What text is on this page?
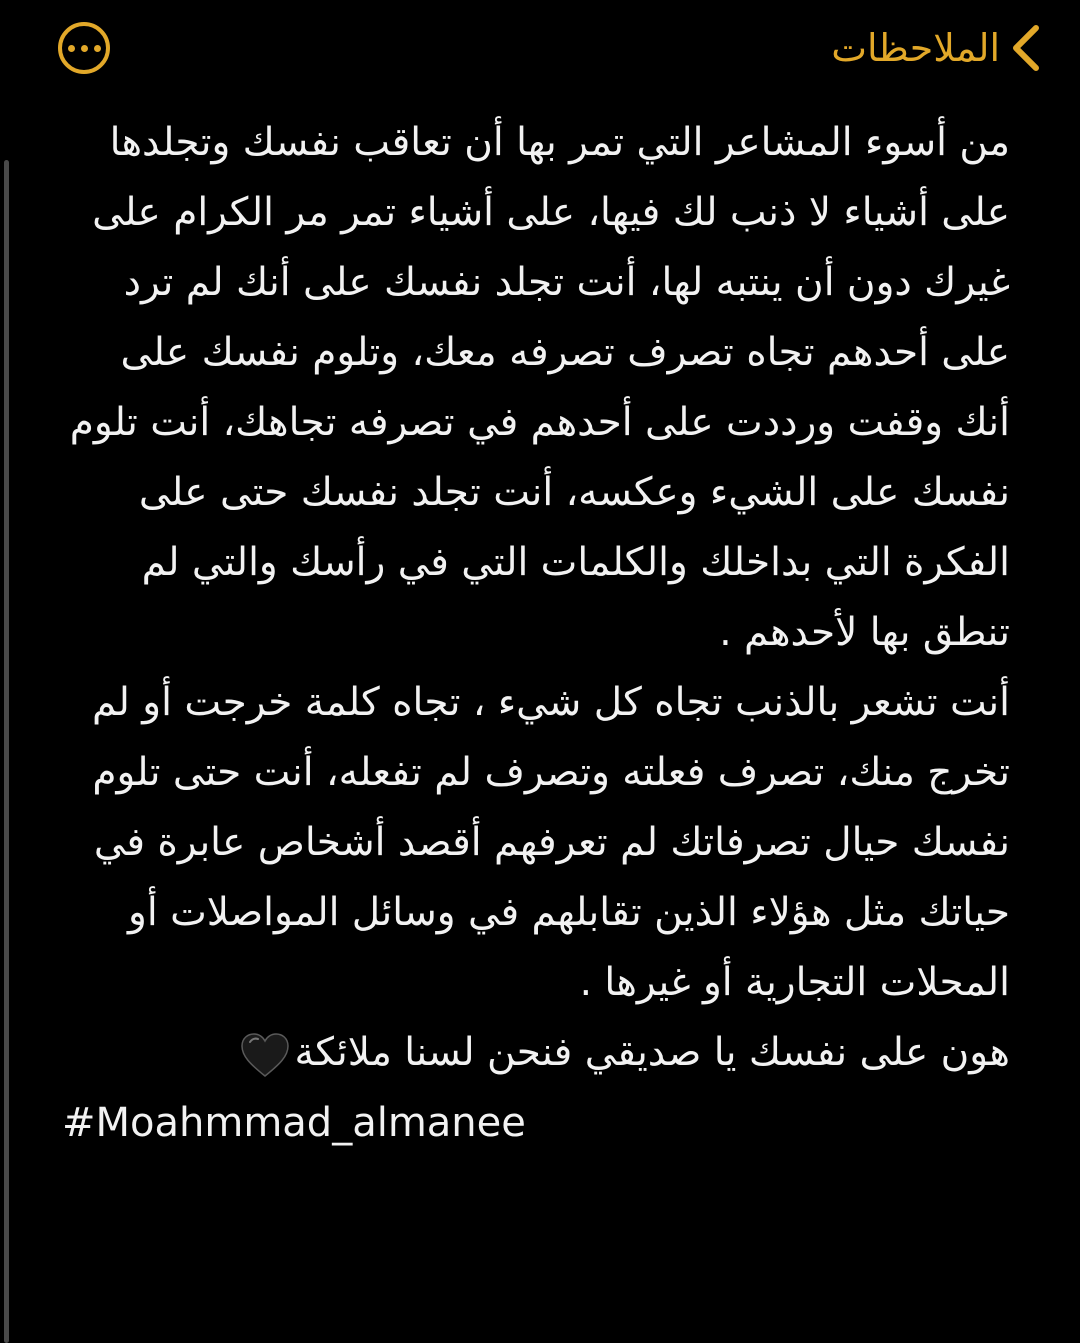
الملاحظات

من أسوء المشاعر التي تمر بها أن تعاقب نفسك وتجلدها على أشياء لا ذنب لك فيها، على أشياء تمر مر الكرام على غيرك دون أن ينتبه لها، أنت تجلد نفسك على أنك لم ترد على أحدهم تجاه تصرف تصرفه معك، وتلوم نفسك على أنك وقفت ورددت على أحدهم في تصرفه تجاهك، أنت تلوم نفسك على الشيء وعكسه، أنت تجلد نفسك حتى على الفكرة التي بداخلك والكلمات التي في رأسك والتي لم تنطق بها لأحدهم .

أنت تشعر بالذنب تجاه كل شيء ، تجاه كلمة خرجت أو لم تخرج منك، تصرف فعلته وتصرف لم تفعله، أنت حتى تلوم نفسك حيال تصرفاتك لم تعرفهم أقصد أشخاص عابرة في حياتك مثل هؤلاء الذين تقابلهم في وسائل المواصلات أو المحلات التجارية أو غيرها .

هون على نفسك يا صديقي فنحن لسنا ملائكة

#Moahmmad_almanee
